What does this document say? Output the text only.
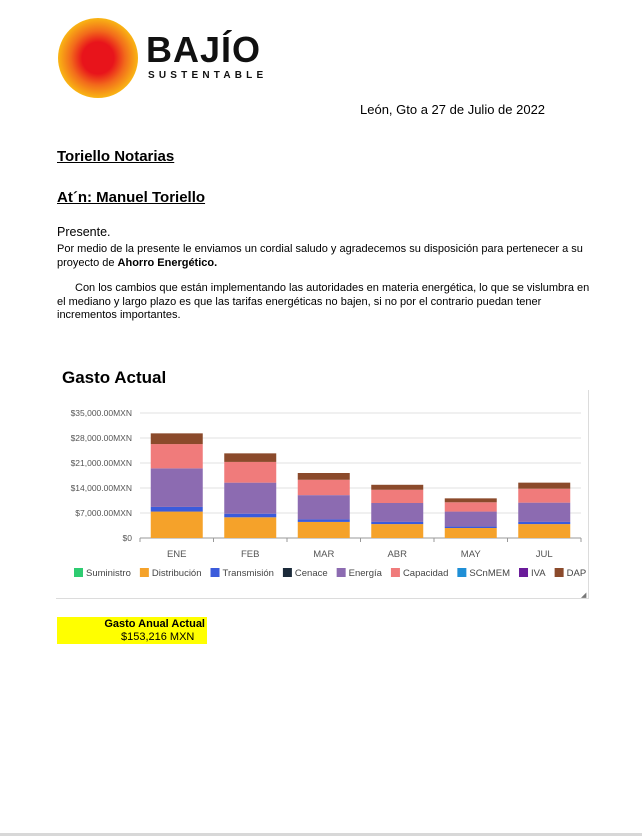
BAJÍO
SUSTENTABLE
León, Gto a 27 de Julio de 2022
Toriello Notarias
At´n: Manuel Toriello
Presente.
Por medio de la presente le enviamos un cordial saludo y agradecemos su disposición para pertenecer a su proyecto de Ahorro Energético.
Con los cambios que están implementando las autoridades en materia energética, lo que se vislumbra en el mediano y largo plazo es que las tarifas energéticas no bajen, si no por el contrario puedan tener incrementos importantes.
Gasto Actual
$0
$7,000.00MXN
$14,000.00MXN
$21,000.00MXN
$28,000.00MXN
$35,000.00MXN
ENE	FEB	MAR	ABR	MAY	JUL
Suministro Distribución Transmisión Cenace Energía Capacidad SCnMEM IVA DAP
◢
Gasto Anual Actual
$153,216 MXN
